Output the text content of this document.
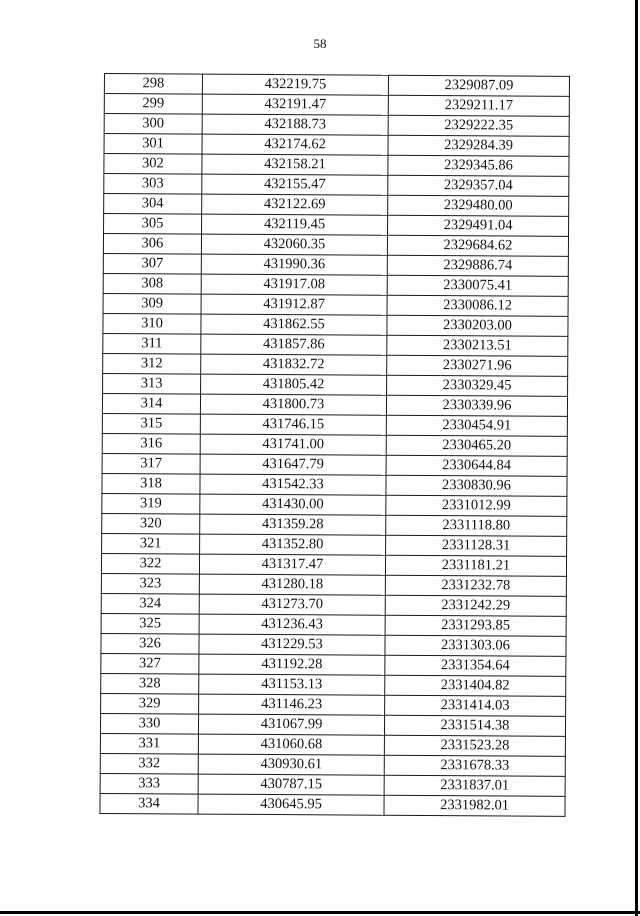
58
298	432219.75	2329087.09
299	432191.47	2329211.17
300	432188.73	2329222.35
301	432174.62	2329284.39
302	432158.21	2329345.86
303	432155.47	2329357.04
304	432122.69	2329480.00
305	432119.45	2329491.04
306	432060.35	2329684.62
307	431990.36	2329886.74
308	431917.08	2330075.41
309	431912.87	2330086.12
310	431862.55	2330203.00
311	431857.86	2330213.51
312	431832.72	2330271.96
313	431805.42	2330329.45
314	431800.73	2330339.96
315	431746.15	2330454.91
316	431741.00	2330465.20
317	431647.79	2330644.84
318	431542.33	2330830.96
319	431430.00	2331012.99
320	431359.28	2331118.80
321	431352.80	2331128.31
322	431317.47	2331181.21
323	431280.18	2331232.78
324	431273.70	2331242.29
325	431236.43	2331293.85
326	431229.53	2331303.06
327	431192.28	2331354.64
328	431153.13	2331404.82
329	431146.23	2331414.03
330	431067.99	2331514.38
331	431060.68	2331523.28
332	430930.61	2331678.33
333	430787.15	2331837.01
334	430645.95	2331982.01
